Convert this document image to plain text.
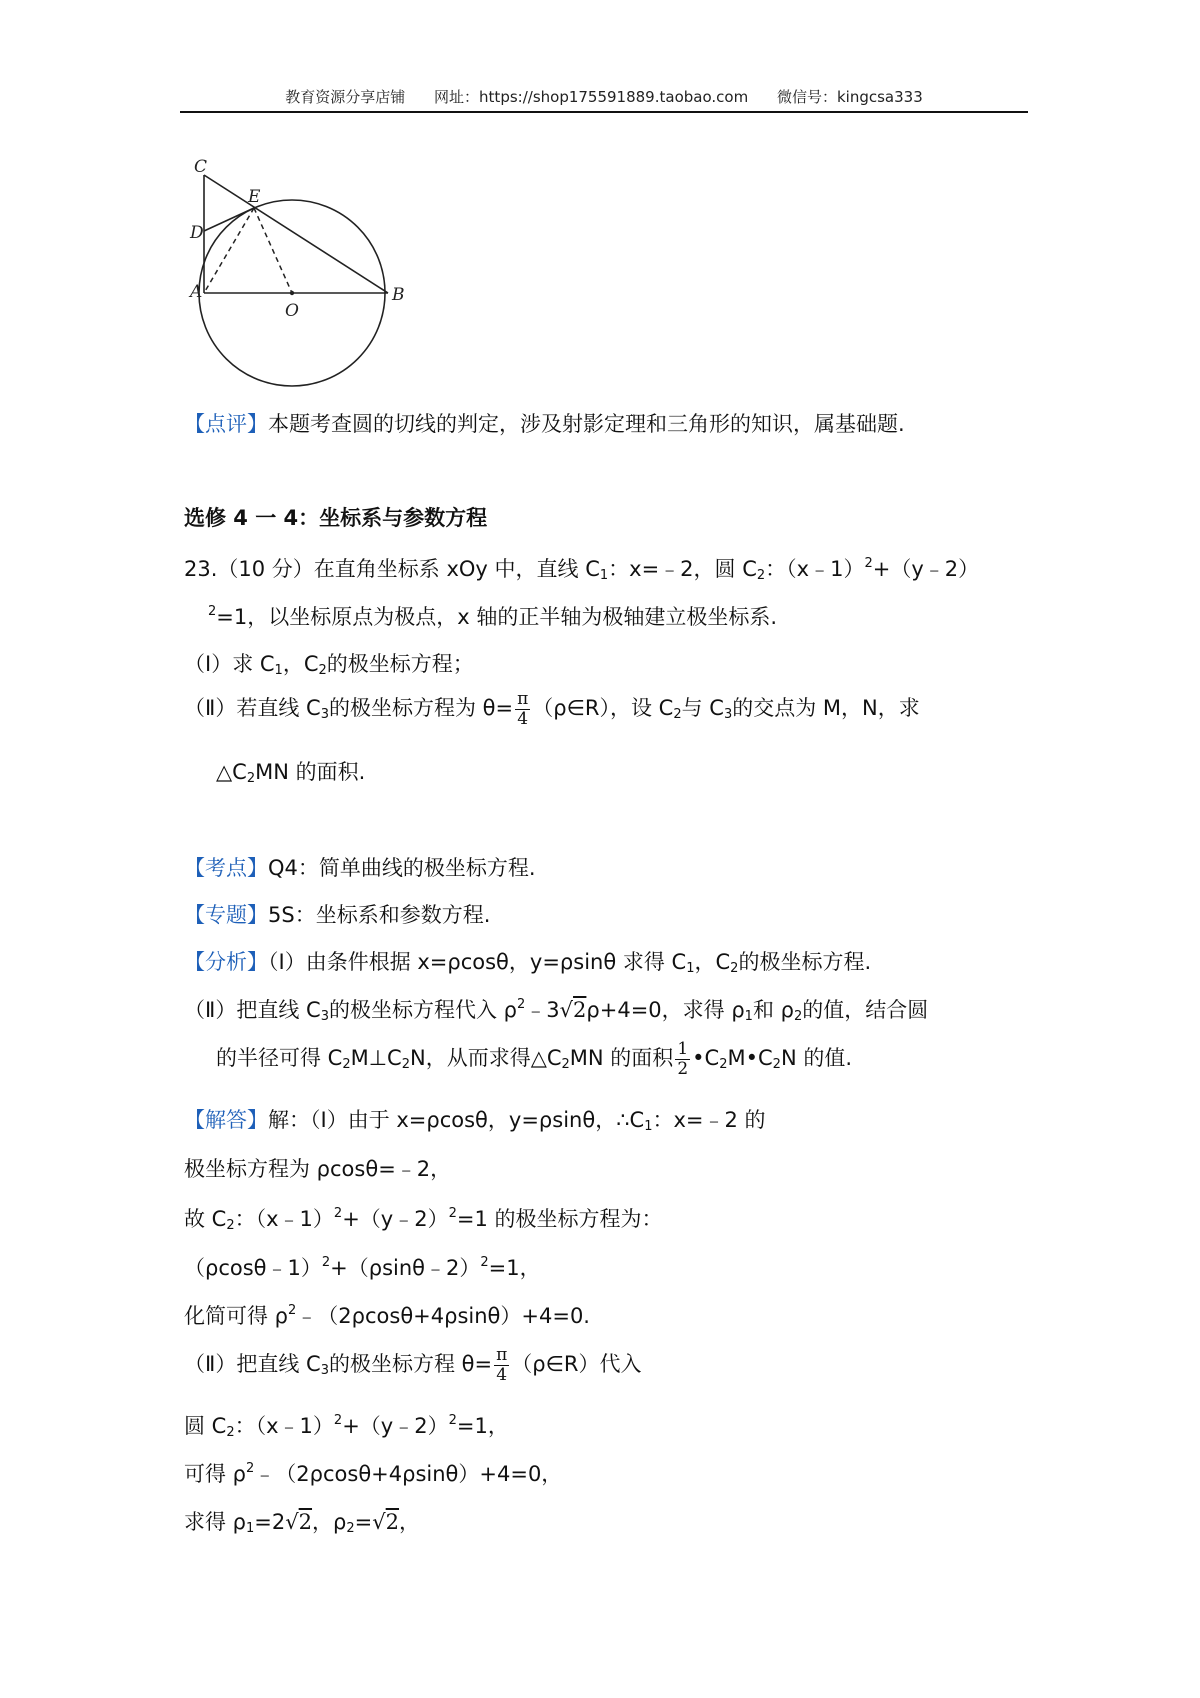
教育资源分享店铺 网址：https://shop175591889.taobao.com 微信号：kingcsa333
C
E
D
A
O
B
【点评】本题考查圆的切线的判定，涉及射影定理和三角形的知识，属基础题.
选修 4 一 4：坐标系与参数方程
23.（10 分）在直角坐标系 xOy 中，直线 $C_1$：x=﹣2，圆 $C_2$：（x﹣1）$^2$+（y﹣2）
$^2$=1，以坐标原点为极点，x 轴的正半轴为极轴建立极坐标系.
（Ⅰ）求 $C_1$，$C_2$的极坐标方程；
（Ⅱ）若直线 $C_3$的极坐标方程为 $\theta= \frac{\pi}{4}$ （ρ∈R），设 $C_2$与 $C_3$的交点为 M，N，求
$\triangle C_2MN$ 的面积.
【考点】Q4：简单曲线的极坐标方程.
【专题】5S：坐标系和参数方程.
【分析】（Ⅰ）由条件根据 x=ρcosθ，y=ρsinθ 求得 $C_1$，$C_2$的极坐标方程.
（Ⅱ）把直线 $C_3$的极坐标方程代入 $\rho^2﹣3√2\rho+4=0$，求得 $\rho_1$和 $\rho_2$的值，结合圆
的半径可得 $C_2M\perp C_2N$，从而求得$\triangle C_2MN$ 的面积 $\frac{1}{2}$ $•C_2M•C_2N$ 的值.
【解答】解：（Ⅰ）由于 x=ρcosθ，y=ρsinθ，$\therefore C_1$：x=﹣2 的
极坐标方程为 ρcosθ=﹣2，
故 $C_2$：（x﹣1）$^2$+（y﹣2）$^2$=1 的极坐标方程为：
（ρcosθ﹣1）$^2$+（ρsinθ﹣2）$^2$=1，
化简可得 $\rho^2﹣(2\rho\cos\theta+4\rho\sin\theta)+4=0$.
（Ⅱ）把直线 $C_3$的极坐标方程 $\theta= \frac{\pi}{4}$ （ρ∈R）代入
圆 $C_2$：（x﹣1）$^2$+（y﹣2）$^2$=1，
可得 $\rho^2﹣(2\rho\cos\theta+4\rho\sin\theta)+4=0$，
求得 $\rho_1=2√2$，$\rho_2=√2$，
